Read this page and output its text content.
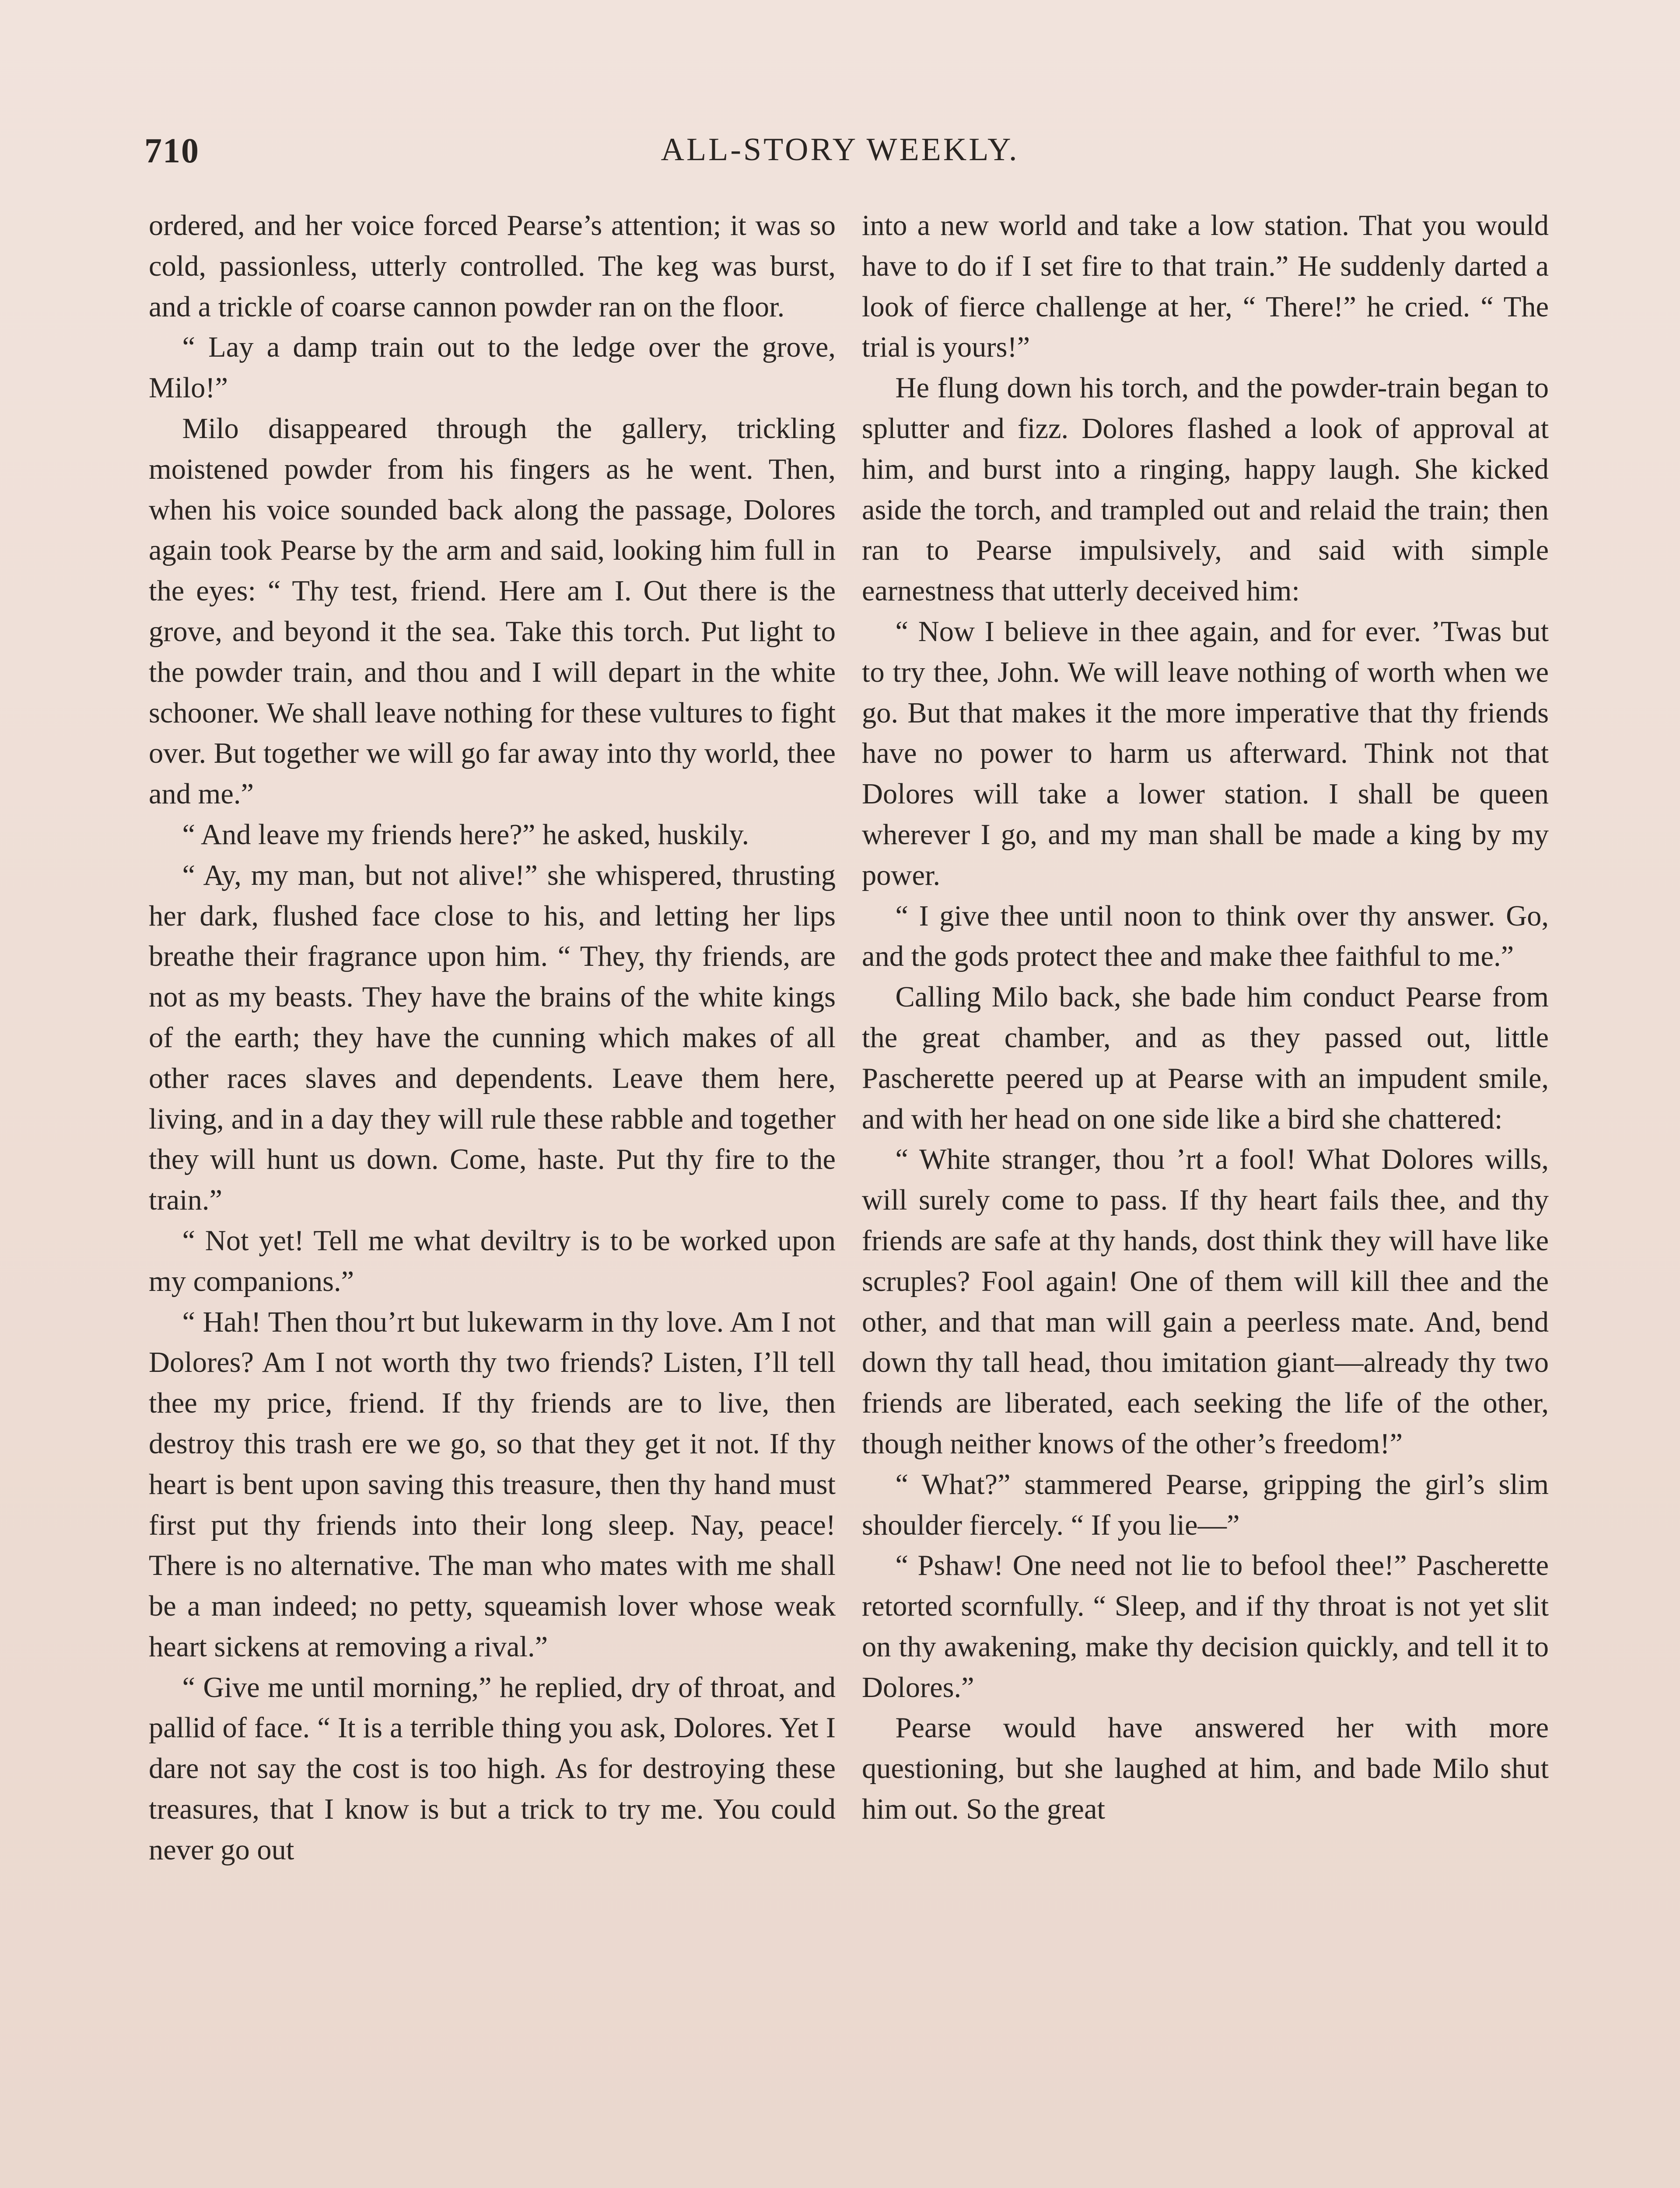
710	ALL-STORY WEEKLY.

ordered, and her voice forced Pearse’s attention; it was so cold, passionless, utterly controlled. The keg was burst, and a trickle of coarse cannon powder ran on the floor.

“ Lay a damp train out to the ledge over the grove, Milo!”

Milo disappeared through the gallery, trickling moistened powder from his fingers as he went. Then, when his voice sounded back along the passage, Dolores again took Pearse by the arm and said, looking him full in the eyes: “ Thy test, friend. Here am I. Out there is the grove, and beyond it the sea. Take this torch. Put light to the powder train, and thou and I will depart in the white schooner. We shall leave nothing for these vultures to fight over. But together we will go far away into thy world, thee and me.”

“ And leave my friends here?” he asked, huskily.

“ Ay, my man, but not alive!” she whispered, thrusting her dark, flushed face close to his, and letting her lips breathe their fragrance upon him. “ They, thy friends, are not as my beasts. They have the brains of the white kings of the earth; they have the cunning which makes of all other races slaves and dependents. Leave them here, living, and in a day they will rule these rabble and together they will hunt us down. Come, haste. Put thy fire to the train.”

“ Not yet! Tell me what deviltry is to be worked upon my companions.”

“ Hah! Then thou’rt but lukewarm in thy love. Am I not Dolores? Am I not worth thy two friends? Listen, I’ll tell thee my price, friend. If thy friends are to live, then destroy this trash ere we go, so that they get it not. If thy heart is bent upon saving this treasure, then thy hand must first put thy friends into their long sleep. Nay, peace! There is no alternative. The man who mates with me shall be a man indeed; no petty, squeamish lover whose weak heart sickens at removing a rival.”

“ Give me until morning,” he replied, dry of throat, and pallid of face. “ It is a terrible thing you ask, Dolores. Yet I dare not say the cost is too high. As for destroying these treasures, that I know is but a trick to try me. You could never go out

into a new world and take a low station. That you would have to do if I set fire to that train.” He suddenly darted a look of fierce challenge at her, “ There!” he cried. “ The trial is yours!”

He flung down his torch, and the powder-train began to splutter and fizz. Dolores flashed a look of approval at him, and burst into a ringing, happy laugh. She kicked aside the torch, and trampled out and relaid the train; then ran to Pearse impulsively, and said with simple earnestness that utterly deceived him:

“ Now I believe in thee again, and for ever. ’Twas but to try thee, John. We will leave nothing of worth when we go. But that makes it the more imperative that thy friends have no power to harm us afterward. Think not that Dolores will take a lower station. I shall be queen wherever I go, and my man shall be made a king by my power.

“ I give thee until noon to think over thy answer. Go, and the gods protect thee and make thee faithful to me.”

Calling Milo back, she bade him conduct Pearse from the great chamber, and as they passed out, little Pascherette peered up at Pearse with an impudent smile, and with her head on one side like a bird she chattered:

“ White stranger, thou ’rt a fool! What Dolores wills, will surely come to pass. If thy heart fails thee, and thy friends are safe at thy hands, dost think they will have like scruples? Fool again! One of them will kill thee and the other, and that man will gain a peerless mate. And, bend down thy tall head, thou imitation giant—already thy two friends are liberated, each seeking the life of the other, though neither knows of the other’s freedom!”

“ What?” stammered Pearse, gripping the girl’s slim shoulder fiercely. “ If you lie—”

“ Pshaw! One need not lie to befool thee!” Pascherette retorted scornfully. “ Sleep, and if thy throat is not yet slit on thy awakening, make thy decision quickly, and tell it to Dolores.”

Pearse would have answered her with more questioning, but she laughed at him, and bade Milo shut him out. So the great
